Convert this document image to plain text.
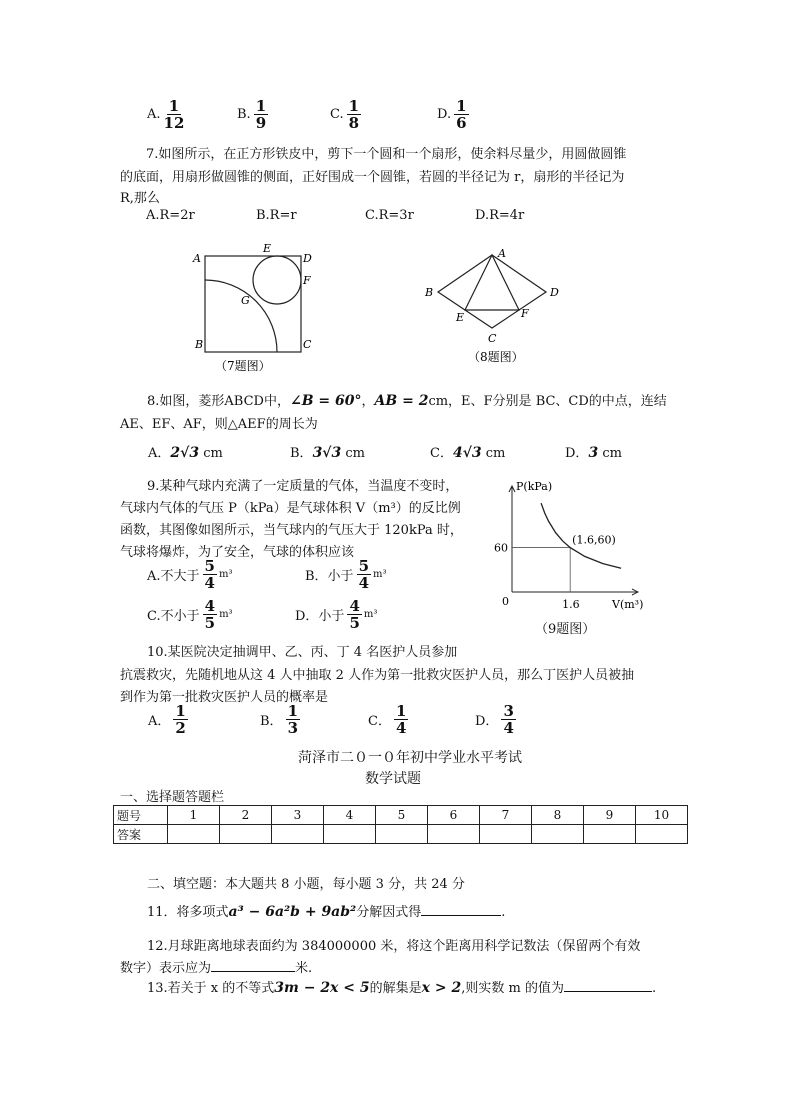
A. $\frac{1}{12}$	B. $\frac{1}{9}$	C. $\frac{1}{8}$	D. $\frac{1}{6}$
7.如图所示，在正方形铁皮中，剪下一个圆和一个扇形，使余料尽量少，用圆做圆锥
的底面，用扇形做圆锥的侧面，正好围成一个圆锥，若圆的半径记为 r，扇形的半径记为
R,那么
A.R=2r	B.R=r	C.R=3r	D.R=4r
A
B	C
D
E
F
G
（7题图）
A
B
C
D
E	F
（8题图）
8.如图，菱形ABCD中，∠B = 60°，AB = 2cm，E、F分别是 BC、CD的中点，连结
AE、EF、AF，则△AEF的周长为
A．2√3 cm	B．3√3 cm	C．4√3 cm	D．3 cm
9.某种气球内充满了一定质量的气体，当温度不变时，
气球内气体的气压 P（kPa）是气球体积 V（m³）的反比例
函数，其图像如图所示，当气球内的气压大于 120kPa 时，
气球将爆炸，为了安全，气球的体积应该
A.不大于 $\frac{5}{4} m^3$	B．小于 $\frac{5}{4} m^3$
C.不小于 $\frac{4}{5} m^3$	D．小于 $\frac{4}{5} m^3$
P(kPa)
V(m³)
0
60
1.6
(1.6,60)
（9题图）
10.某医院决定抽调甲、乙、丙、丁 4 名医护人员参加
抗震救灾，先随机地从这 4 人中抽取 2 人作为第一批救灾医护人员，那么丁医护人员被抽
到作为第一批救灾医护人员的概率是
A． $\frac{1}{2}$	B． $\frac{1}{3}$	C． $\frac{1}{4}$	D． $\frac{3}{4}$
菏泽市二０一０年初中学业水平考试
数学试题
一、选择题答题栏
题号	1	2	3	4	5	6	7	8	9	10
答案										
二、填空题：本大题共 8 小题，每小题 3 分，共 24 分
11．将多项式a³ − 6a²b + 9ab²分解因式得	.
12.月球距离地球表面约为 384000000 米，将这个距离用科学记数法（保留两个有效
数字）表示应为	米.
13.若关于 x 的不等式3m − 2x < 5的解集是x > 2,则实数 m 的值为	.
